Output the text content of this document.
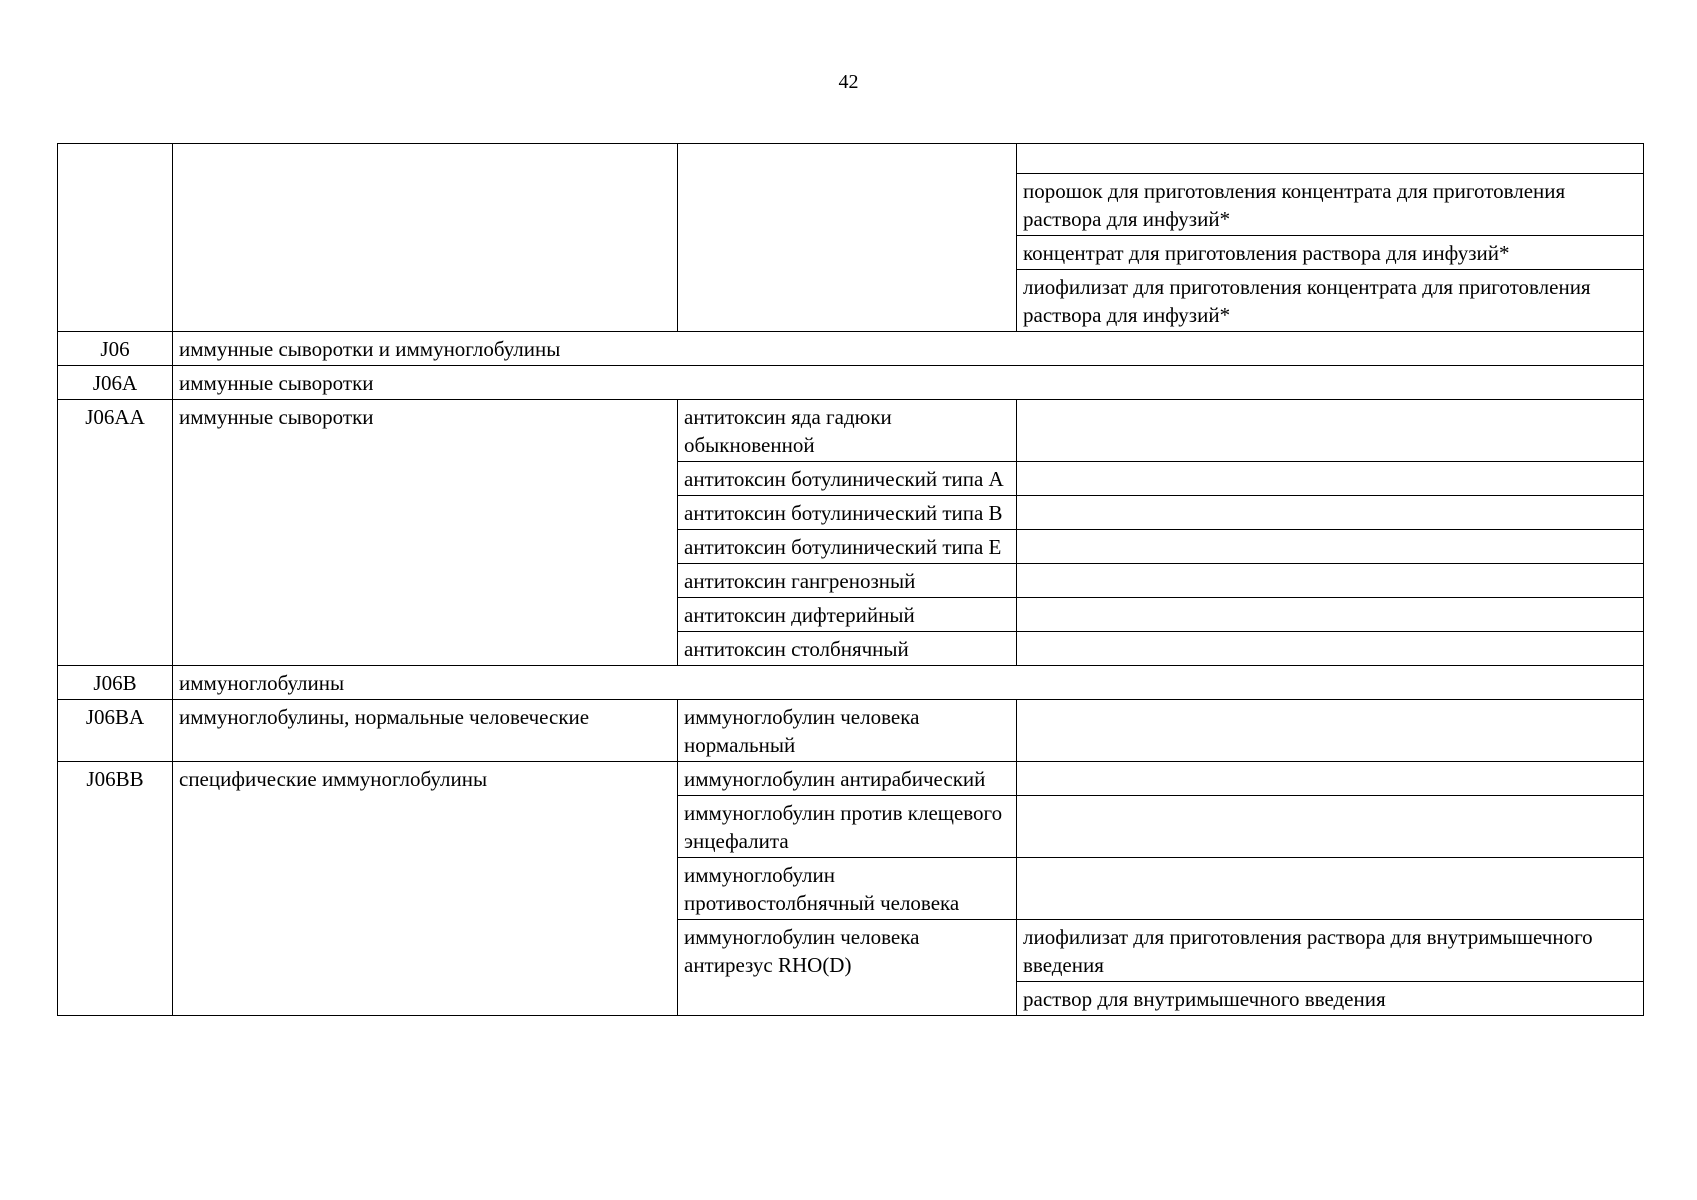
42

			порошок для приготовления концентрата для приготовления раствора для инфузий*
			концентрат для приготовления раствора для инфузий*
			лиофилизат для приготовления концентрата для приготовления раствора для инфузий*
J06	иммунные сыворотки и иммуноглобулины		
J06A	иммунные сыворотки		
J06AA	иммунные сыворотки	антитоксин яда гадюки обыкновенной	
		антитоксин ботулинический типа A	
		антитоксин ботулинический типа B	
		антитоксин ботулинический типа E	
		антитоксин гангренозный	
		антитоксин дифтерийный	
		антитоксин столбнячный	
J06B	иммуноглобулины		
J06BA	иммуноглобулины, нормальные человеческие	иммуноглобулин человека нормальный	
J06BB	специфические иммуноглобулины	иммуноглобулин антирабический	
		иммуноглобулин против клещевого энцефалита	
		иммуноглобулин противостолбнячный человека	
		иммуноглобулин человека антирезус RHO(D)	лиофилизат для приготовления раствора для внутримышечного введения
			раствор для внутримышечного введения
